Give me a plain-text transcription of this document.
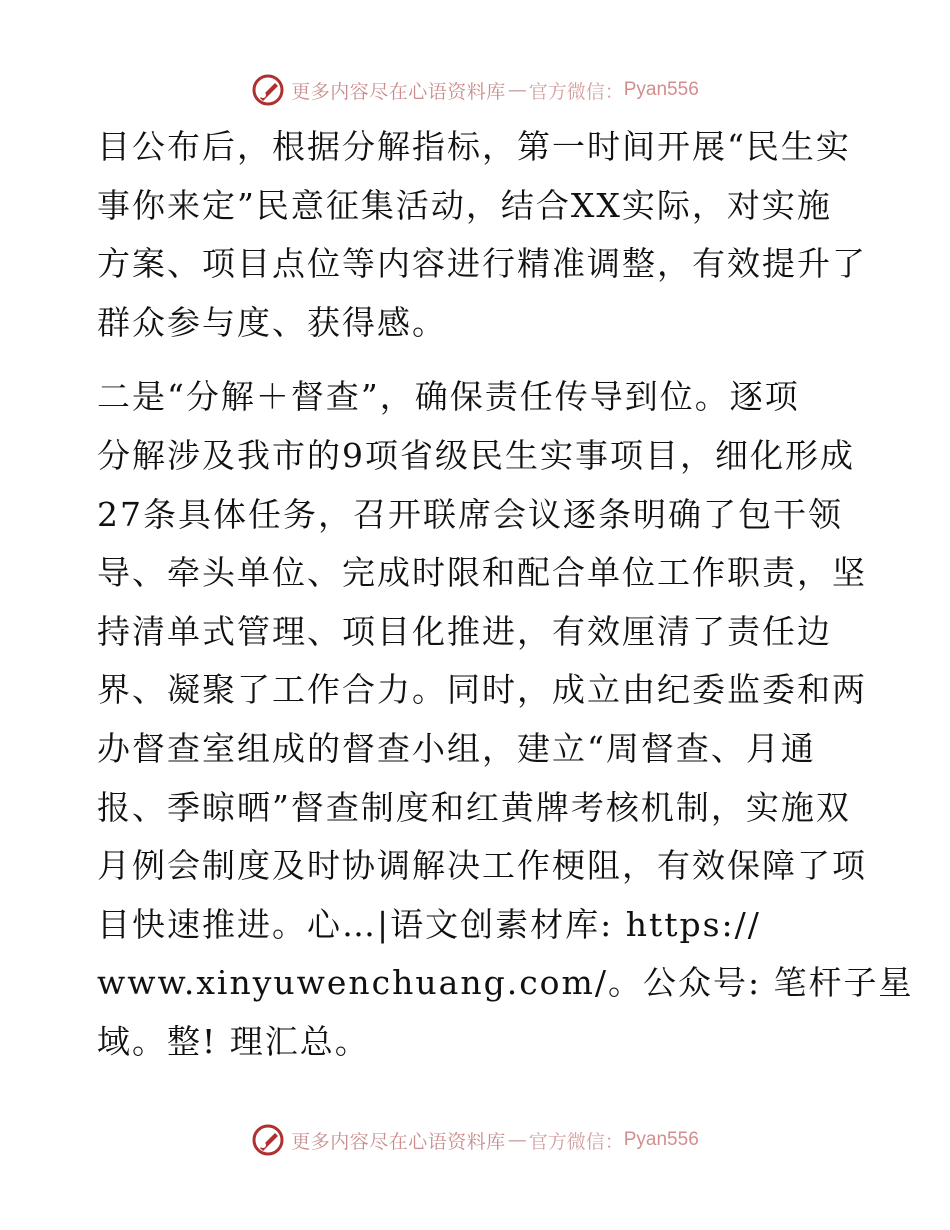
更多内容尽在心语资料库 — 官方微信： Pyan556
目公布后，根据分解指标，第一时间开展“民生实
事你来定”民意征集活动，结合XX实际，对实施
方案、项目点位等内容进行精准调整，有效提升了
群众参与度、获得感。
二是“分解＋督查”，确保责任传导到位。逐项
分解涉及我市的9项省级民生实事项目，细化形成
27条具体任务，召开联席会议逐条明确了包干领
导、牵头单位、完成时限和配合单位工作职责，坚
持清单式管理、项目化推进，有效厘清了责任边
界、凝聚了工作合力。同时，成立由纪委监委和两
办督查室组成的督查小组，建立“周督查、月通
报、季晾晒”督查制度和红黄牌考核机制，实施双
月例会制度及时协调解决工作梗阻，有效保障了项
目快速推进。心…|语文创素材库: https://
www.xinyuwenchuang.com/。公众号: 笔杆子星
域。整! 理汇总。
更多内容尽在心语资料库 — 官方微信： Pyan556
